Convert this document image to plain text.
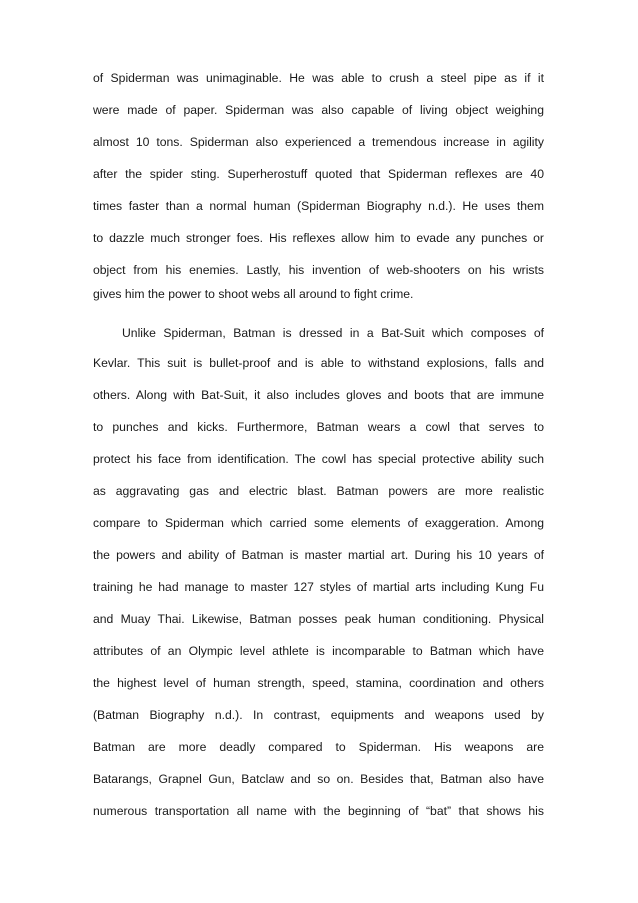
of Spiderman was unimaginable. He was able to crush a steel pipe as if it
were made of paper. Spiderman was also capable of living object weighing
almost 10 tons. Spiderman also experienced a tremendous increase in agility
after the spider sting. Superherostuff quoted that Spiderman reflexes are 40
times faster than a normal human (Spiderman Biography n.d.). He uses them
to dazzle much stronger foes. His reflexes allow him to evade any punches or
object from his enemies. Lastly, his invention of web-shooters on his wrists
gives him the power to shoot webs all around to fight crime.
Unlike Spiderman, Batman is dressed in a Bat-Suit which composes of
Kevlar. This suit is bullet-proof and is able to withstand explosions, falls and
others. Along with Bat-Suit, it also includes gloves and boots that are immune
to punches and kicks. Furthermore, Batman wears a cowl that serves to
protect his face from identification. The cowl has special protective ability such
as aggravating gas and electric blast. Batman powers are more realistic
compare to Spiderman which carried some elements of exaggeration. Among
the powers and ability of Batman is master martial art. During his 10 years of
training he had manage to master 127 styles of martial arts including Kung Fu
and Muay Thai. Likewise, Batman posses peak human conditioning. Physical
attributes of an Olympic level athlete is incomparable to Batman which have
the highest level of human strength, speed, stamina, coordination and others
(Batman Biography n.d.). In contrast, equipments and weapons used by
Batman are more deadly compared to Spiderman. His weapons are
Batarangs, Grapnel Gun, Batclaw and so on. Besides that, Batman also have
numerous transportation all name with the beginning of “bat” that shows his
